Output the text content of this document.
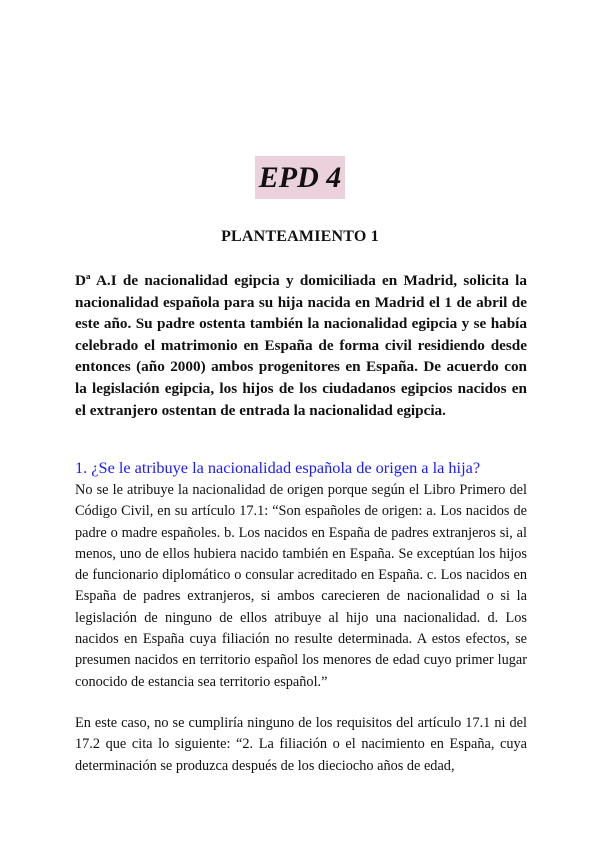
EPD 4
PLANTEAMIENTO 1
Dª A.I de nacionalidad egipcia y domiciliada en Madrid, solicita la nacionalidad española para su hija nacida en Madrid el 1 de abril de este año. Su padre ostenta también la nacionalidad egipcia y se había celebrado el matrimonio en España de forma civil residiendo desde entonces (año 2000) ambos progenitores en España. De acuerdo con la legislación egipcia, los hijos de los ciudadanos egipcios nacidos en el extranjero ostentan de entrada la nacionalidad egipcia.
1. ¿Se le atribuye la nacionalidad española de origen a la hija?
No se le atribuye la nacionalidad de origen porque según el Libro Primero del Código Civil, en su artículo 17.1: “Son españoles de origen: a. Los nacidos de padre o madre españoles. b. Los nacidos en España de padres extranjeros si, al menos, uno de ellos hubiera nacido también en España. Se exceptúan los hijos de funcionario diplomático o consular acreditado en España. c. Los nacidos en España de padres extranjeros, si ambos carecieren de nacionalidad o si la legislación de ninguno de ellos atribuye al hijo una nacionalidad. d. Los nacidos en España cuya filiación no resulte determinada. A estos efectos, se presumen nacidos en territorio español los menores de edad cuyo primer lugar conocido de estancia sea territorio español.”
En este caso, no se cumpliría ninguno de los requisitos del artículo 17.1 ni del 17.2 que cita lo siguiente: “2. La filiación o el nacimiento en España, cuya determinación se produzca después de los dieciocho años de edad,
